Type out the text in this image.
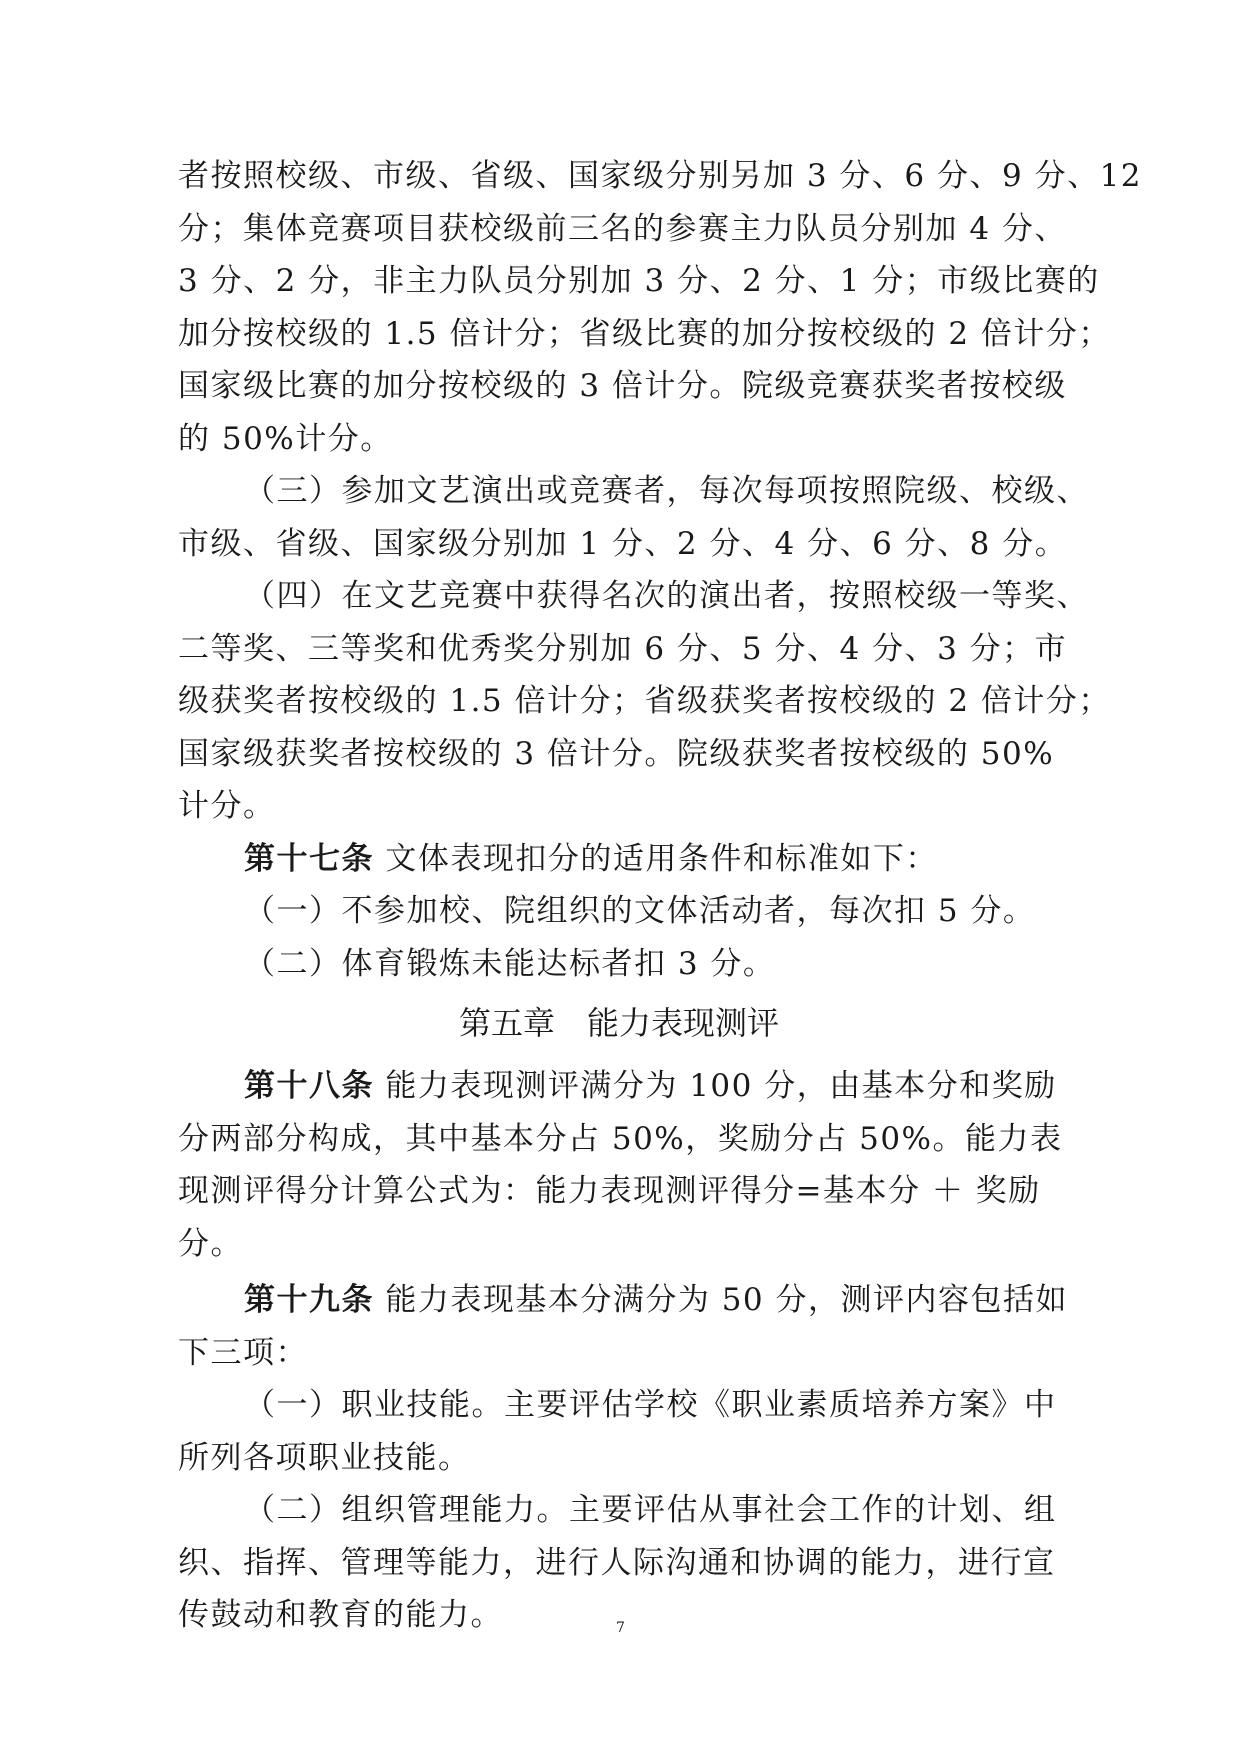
者按照校级、市级、省级、国家级分别另加 3 分、6 分、9 分、12
分；集体竞赛项目获校级前三名的参赛主力队员分别加 4 分、
3 分、2 分，非主力队员分别加 3 分、2 分、1 分；市级比赛的
加分按校级的 1.5 倍计分；省级比赛的加分按校级的 2 倍计分；
国家级比赛的加分按校级的 3 倍计分。院级竞赛获奖者按校级
的 50%计分。
（三）参加文艺演出或竞赛者，每次每项按照院级、校级、
市级、省级、国家级分别加 1 分、2 分、4 分、6 分、8 分。
（四）在文艺竞赛中获得名次的演出者，按照校级一等奖、
二等奖、三等奖和优秀奖分别加 6 分、5 分、4 分、3 分；市
级获奖者按校级的 1.5 倍计分；省级获奖者按校级的 2 倍计分；
国家级获奖者按校级的 3 倍计分。院级获奖者按校级的 50%
计分。
第十七条 文体表现扣分的适用条件和标准如下：
（一）不参加校、院组织的文体活动者，每次扣 5 分。
（二）体育锻炼未能达标者扣 3 分。
第五章　能力表现测评
第十八条 能力表现测评满分为 100 分，由基本分和奖励
分两部分构成，其中基本分占 50%，奖励分占 50%。能力表
现测评得分计算公式为：能力表现测评得分=基本分 ＋ 奖励
分。
第十九条 能力表现基本分满分为 50 分，测评内容包括如
下三项：
（一）职业技能。主要评估学校《职业素质培养方案》中
所列各项职业技能。
（二）组织管理能力。主要评估从事社会工作的计划、组
织、指挥、管理等能力，进行人际沟通和协调的能力，进行宣
传鼓动和教育的能力。	7
